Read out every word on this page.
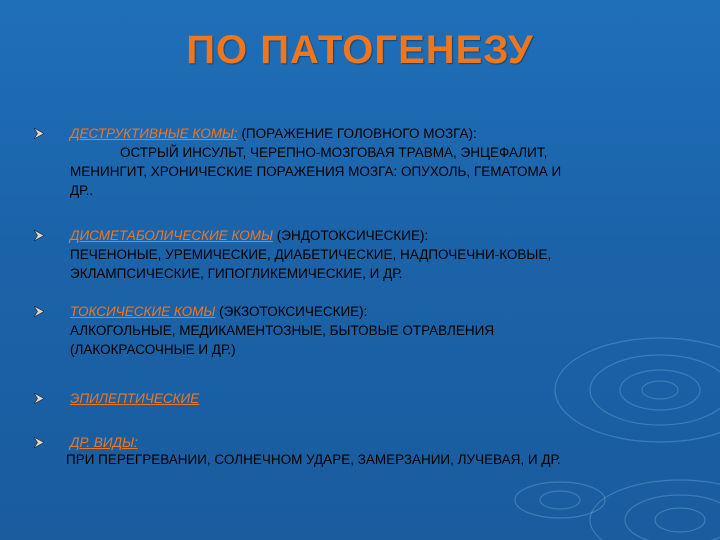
ПО ПАТОГЕНЕЗУ
ДЕСТРУКТИВНЫЕ КОМЫ: (ПОРАЖЕНИЕ ГОЛОВНОГО МОЗГА):
ОСТРЫЙ ИНСУЛЬТ, ЧЕРЕПНО-МОЗГОВАЯ ТРАВМА, ЭНЦЕФАЛИТ,
МЕНИНГИТ, ХРОНИЧЕСКИЕ ПОРАЖЕНИЯ МОЗГА: ОПУХОЛЬ, ГЕМАТОМА И
ДР..
ДИСМЕТАБОЛИЧЕСКИЕ КОМЫ (ЭНДОТОКСИЧЕСКИЕ):
ПЕЧЕНОНЫЕ, УРЕМИЧЕСКИЕ, ДИАБЕТИЧЕСКИЕ, НАДПОЧЕЧНИ-КОВЫЕ,
ЭКЛАМПСИЧЕСКИЕ, ГИПОГЛИКЕМИЧЕСКИЕ, И ДР.
ТОКСИЧЕСКИЕ КОМЫ (ЭКЗОТОКСИЧЕСКИЕ):
АЛКОГОЛЬНЫЕ, МЕДИКАМЕНТОЗНЫЕ, БЫТОВЫЕ ОТРАВЛЕНИЯ
(ЛАКОКРАСОЧНЫЕ И ДР.)
ЭПИЛЕПТИЧЕСКИЕ
ДР. ВИДЫ:
ПРИ ПЕРЕГРЕВАНИИ, СОЛНЕЧНОМ УДАРЕ, ЗАМЕРЗАНИИ, ЛУЧЕВАЯ, И ДР.
